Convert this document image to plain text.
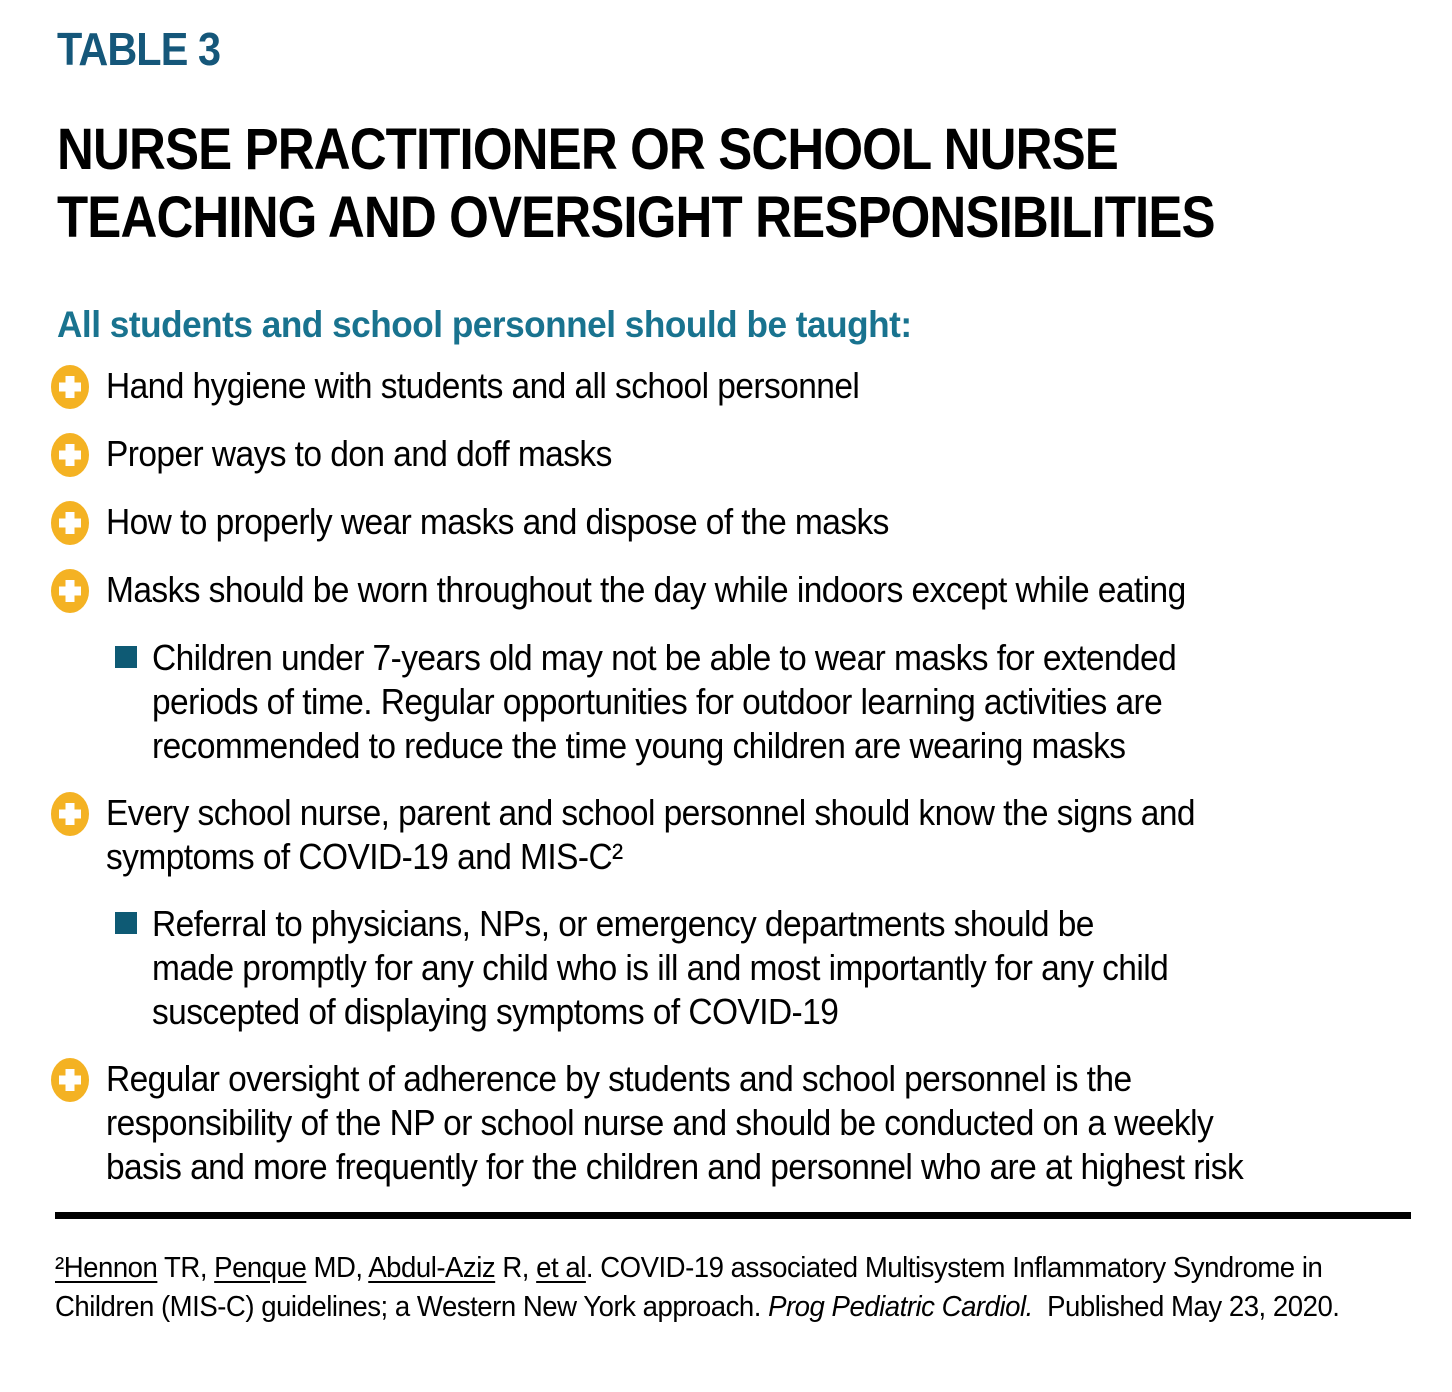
TABLE 3
NURSE PRACTITIONER OR SCHOOL NURSE
TEACHING AND OVERSIGHT RESPONSIBILITIES
All students and school personnel should be taught:
Hand hygiene with students and all school personnel
Proper ways to don and doff masks
How to properly wear masks and dispose of the masks
Masks should be worn throughout the day while indoors except while eating
Children under 7-years old may not be able to wear masks for extended
periods of time. Regular opportunities for outdoor learning activities are
recommended to reduce the time young children are wearing masks
Every school nurse, parent and school personnel should know the signs and
symptoms of COVID-19 and MIS-C²
Referral to physicians, NPs, or emergency departments should be
made promptly for any child who is ill and most importantly for any child
suscepted of displaying symptoms of COVID-19
Regular oversight of adherence by students and school personnel is the
responsibility of the NP or school nurse and should be conducted on a weekly
basis and more frequently for the children and personnel who are at highest risk

²Hennon TR, Penque MD, Abdul-Aziz R, et al. COVID-19 associated Multisystem Inflammatory Syndrome in
Children (MIS-C) guidelines; a Western New York approach. Prog Pediatric Cardiol.  Published May 23, 2020.
